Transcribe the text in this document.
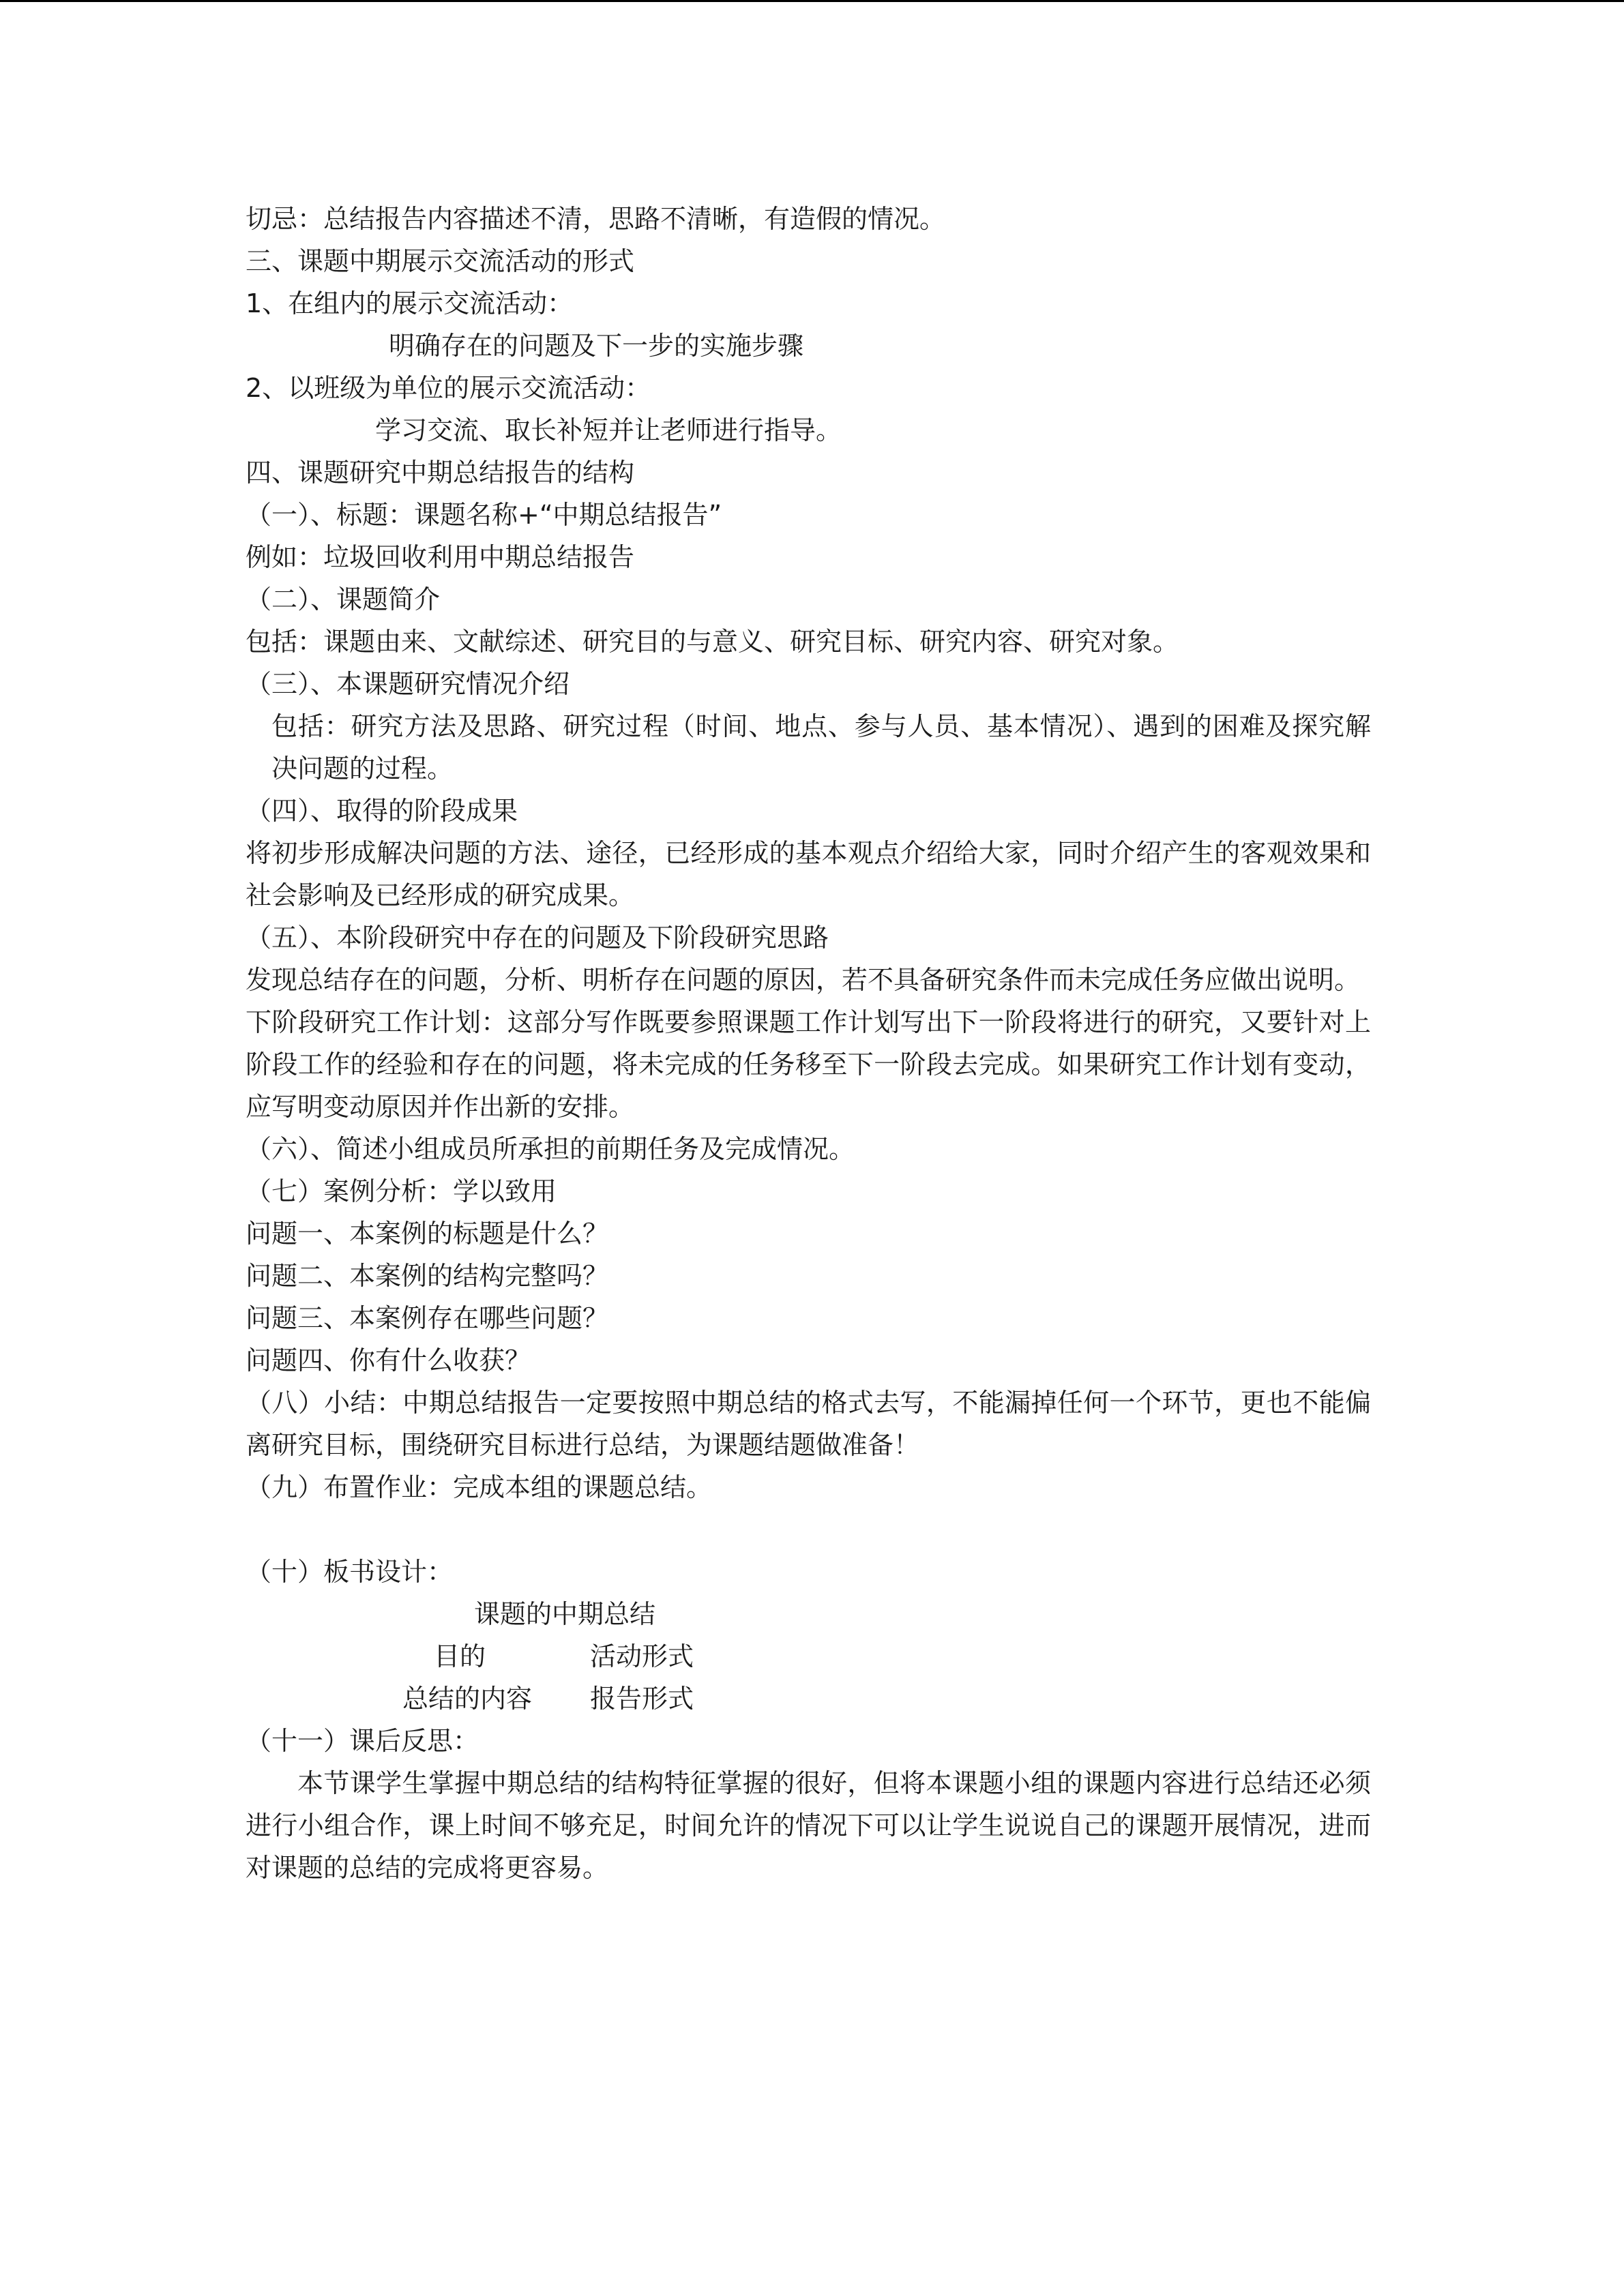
切忌：总结报告内容描述不清，思路不清晰，有造假的情况。

三、课题中期展示交流活动的形式

1、在组内的展示交流活动：

明确存在的问题及下一步的实施步骤

2、以班级为单位的展示交流活动：

学习交流、取长补短并让老师进行指导。

四、课题研究中期总结报告的结构

（一）、标题：课题名称+“中期总结报告”

例如：垃圾回收利用中期总结报告

（二）、课题简介

包括：课题由来、文献综述、研究目的与意义、研究目标、研究内容、研究对象。

（三）、本课题研究情况介绍

包括：研究方法及思路、研究过程（时间、地点、参与人员、基本情况）、遇到的困难及探究解决问题的过程。

（四）、取得的阶段成果

将初步形成解决问题的方法、途径，已经形成的基本观点介绍给大家，同时介绍产生的客观效果和社会影响及已经形成的研究成果。

（五）、本阶段研究中存在的问题及下阶段研究思路

发现总结存在的问题，分析、明析存在问题的原因，若不具备研究条件而未完成任务应做出说明。

下阶段研究工作计划：这部分写作既要参照课题工作计划写出下一阶段将进行的研究，又要针对上阶段工作的经验和存在的问题，将未完成的任务移至下一阶段去完成。如果研究工作计划有变动，应写明变动原因并作出新的安排。

（六）、简述小组成员所承担的前期任务及完成情况。

（七）案例分析：学以致用

问题一、本案例的标题是什么？

问题二、本案例的结构完整吗？

问题三、本案例存在哪些问题？

问题四、你有什么收获？

（八）小结：中期总结报告一定要按照中期总结的格式去写，不能漏掉任何一个环节，更也不能偏离研究目标，围绕研究目标进行总结，为课题结题做准备！

（九）布置作业：完成本组的课题总结。

（十）板书设计：

课题的中期总结

目的	活动形式
总结的内容 报告形式

（十一）课后反思：

本节课学生掌握中期总结的结构特征掌握的很好，但将本课题小组的课题内容进行总结还必须进行小组合作，课上时间不够充足，时间允许的情况下可以让学生说说自己的课题开展情况，进而对课题的总结的完成将更容易。
